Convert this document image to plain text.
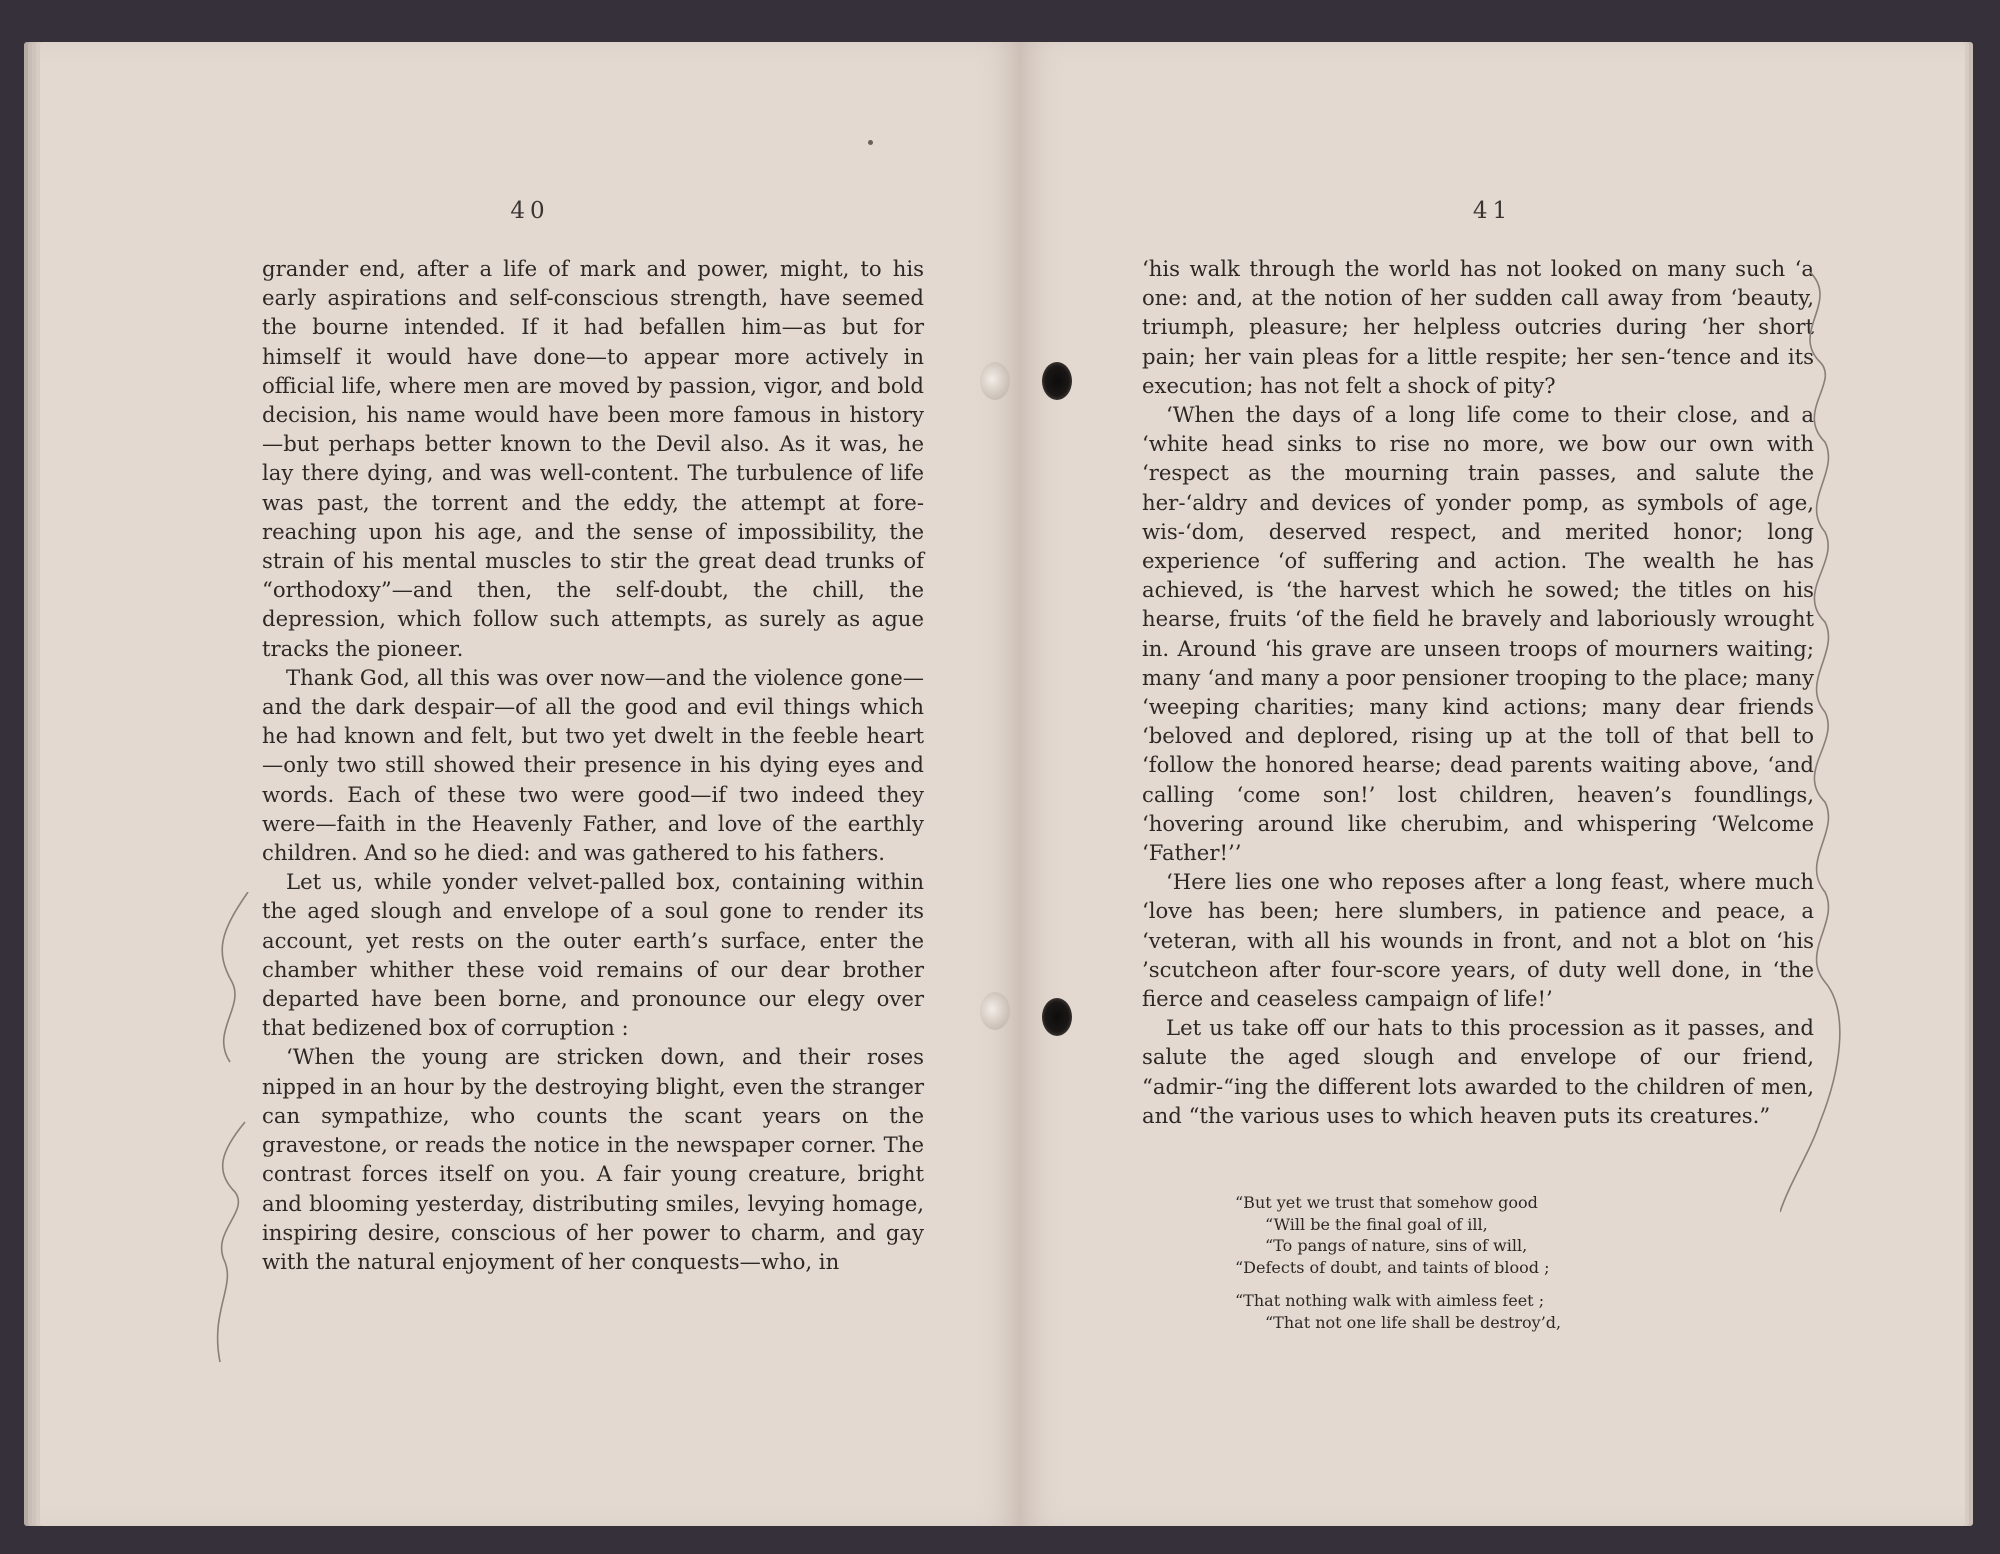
40

grander end, after a life of mark and power, might, to his early aspirations and self-conscious strength, have seemed the bourne intended. If it had befallen him—as but for himself it would have done—to appear more actively in official life, where men are moved by passion, vigor, and bold decision, his name would have been more famous in history—but perhaps better known to the Devil also. As it was, he lay there dying, and was well-content. The turbulence of life was past, the torrent and the eddy, the attempt at fore-reaching upon his age, and the sense of impossibility, the strain of his mental muscles to stir the great dead trunks of “orthodoxy”—and then, the self-doubt, the chill, the depression, which follow such attempts, as surely as ague tracks the pioneer.

Thank God, all this was over now—and the violence gone—and the dark despair—of all the good and evil things which he had known and felt, but two yet dwelt in the feeble heart—only two still showed their presence in his dying eyes and words. Each of these two were good—if two indeed they were—faith in the Heavenly Father, and love of the earthly children. And so he died: and was gathered to his fathers.

Let us, while yonder velvet-palled box, containing within the aged slough and envelope of a soul gone to render its account, yet rests on the outer earth’s surface, enter the chamber whither these void remains of our dear brother departed have been borne, and pronounce our elegy over that bedizened box of corruption :

‘When the young are stricken down, and their roses nipped in an hour by the destroying blight, even the stranger can sympathize, who counts the scant years on the gravestone, or reads the notice in the newspaper corner. The contrast forces itself on you. A fair young creature, bright and blooming yesterday, distributing smiles, levying homage, inspiring desire, conscious of her power to charm, and gay with the natural enjoyment of her conquests—who, in

41

‘his walk through the world has not looked on many such ‘a one: and, at the notion of her sudden call away from ‘beauty, triumph, pleasure; her helpless outcries during ‘her short pain; her vain pleas for a little respite; her sen-‘tence and its execution; has not felt a shock of pity?

‘When the days of a long life come to their close, and a ‘white head sinks to rise no more, we bow our own with ‘respect as the mourning train passes, and salute the her-‘aldry and devices of yonder pomp, as symbols of age, wis-‘dom, deserved respect, and merited honor; long experience ‘of suffering and action. The wealth he has achieved, is ‘the harvest which he sowed; the titles on his hearse, fruits ‘of the field he bravely and laboriously wrought in. Around ‘his grave are unseen troops of mourners waiting; many ‘and many a poor pensioner trooping to the place; many ‘weeping charities; many kind actions; many dear friends ‘beloved and deplored, rising up at the toll of that bell to ‘follow the honored hearse; dead parents waiting above, ‘and calling ‘come son!’ lost children, heaven’s foundlings, ‘hovering around like cherubim, and whispering ‘Welcome ‘Father!’’

‘Here lies one who reposes after a long feast, where much ‘love has been; here slumbers, in patience and peace, a ‘veteran, with all his wounds in front, and not a blot on ‘his ’scutcheon after four-score years, of duty well done, in ‘the fierce and ceaseless campaign of life!’

Let us take off our hats to this procession as it passes, and salute the aged slough and envelope of our friend, “admir-“ing the different lots awarded to the children of men, and “the various uses to which heaven puts its creatures.”

“But yet we trust that somehow good
“Will be the final goal of ill,
“To pangs of nature, sins of will,
“Defects of doubt, and taints of blood ;
“That nothing walk with aimless feet ;
“That not one life shall be destroy’d,
